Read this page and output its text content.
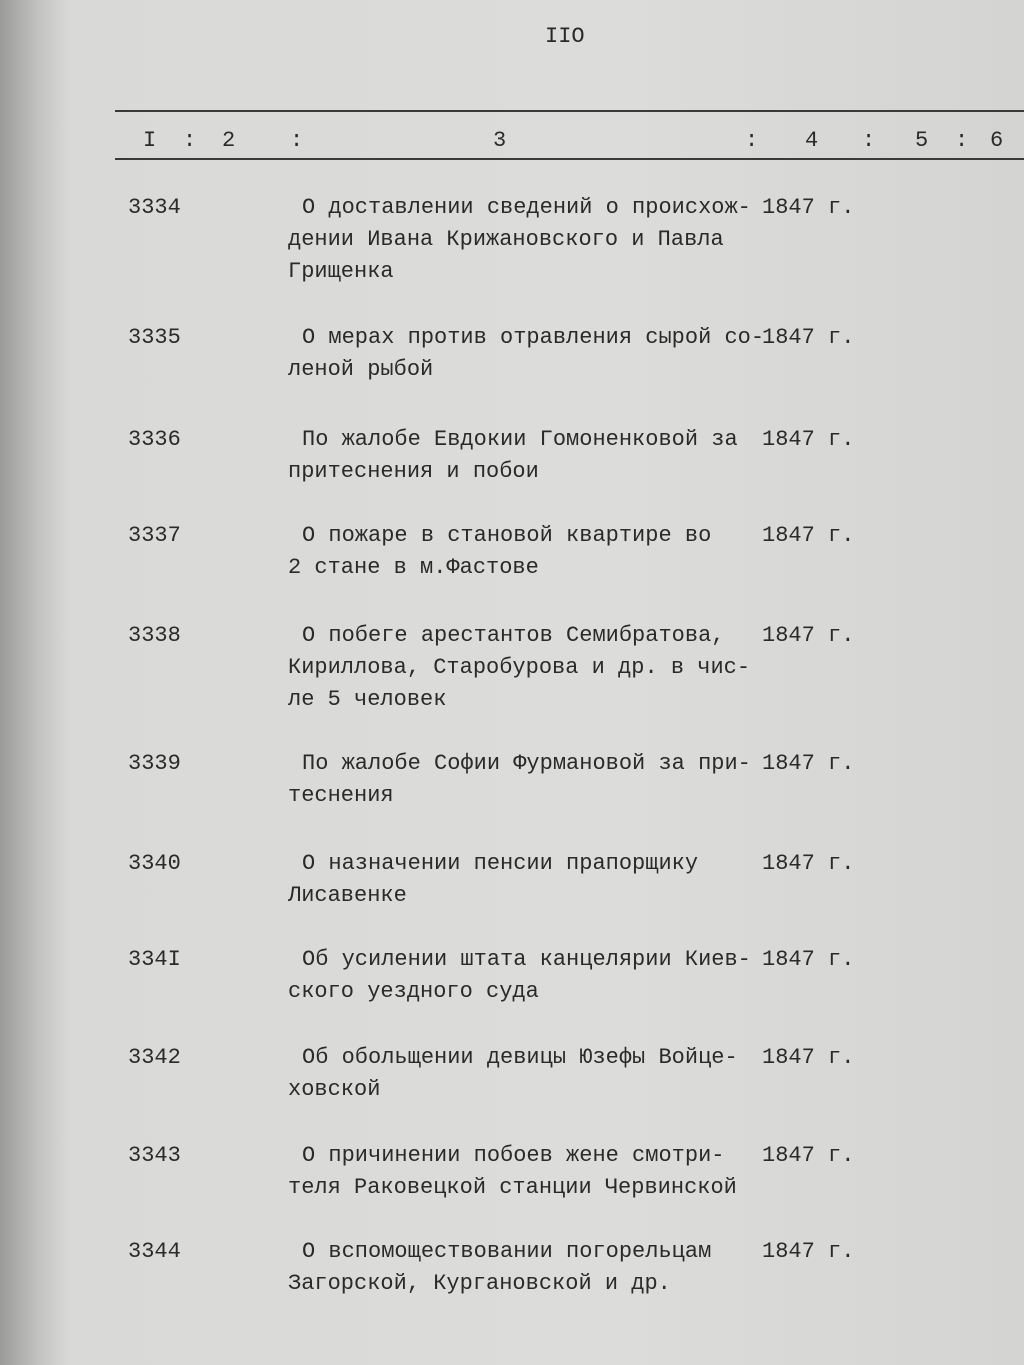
IIO
I : 2 :	3	: 4 : 5 : 6
3334	О доставлении сведений о происхож-
дении Ивана Крижановского и Павла
Грищенка
1847 г.
3335	О мерах против отравления сырой со-
леной рыбой
1847 г.
3336	По жалобе Евдокии Гомоненковой за
притеснения и побои
1847 г.
3337	О пожаре в становой квартире во
2 стане в м.Фастове
1847 г.
3338	О побеге арестантов Семибратова,
Кириллова, Старобурова и др. в чис-
ле 5 человек
1847 г.
3339	По жалобе Софии Фурмановой за при-
теснения
1847 г.
3340	О назначении пенсии прапорщику
Лисавенке
1847 г.
334I	Об усилении штата канцелярии Киев-
ского уездного суда
1847 г.
3342	Об обольщении девицы Юзефы Войце-
ховской
1847 г.
3343	О причинении побоев жене смотри-
теля Раковецкой станции Червинской
1847 г.
3344	О вспомоществовании погорельцам
Загорской, Кургановской и др.
1847 г.
